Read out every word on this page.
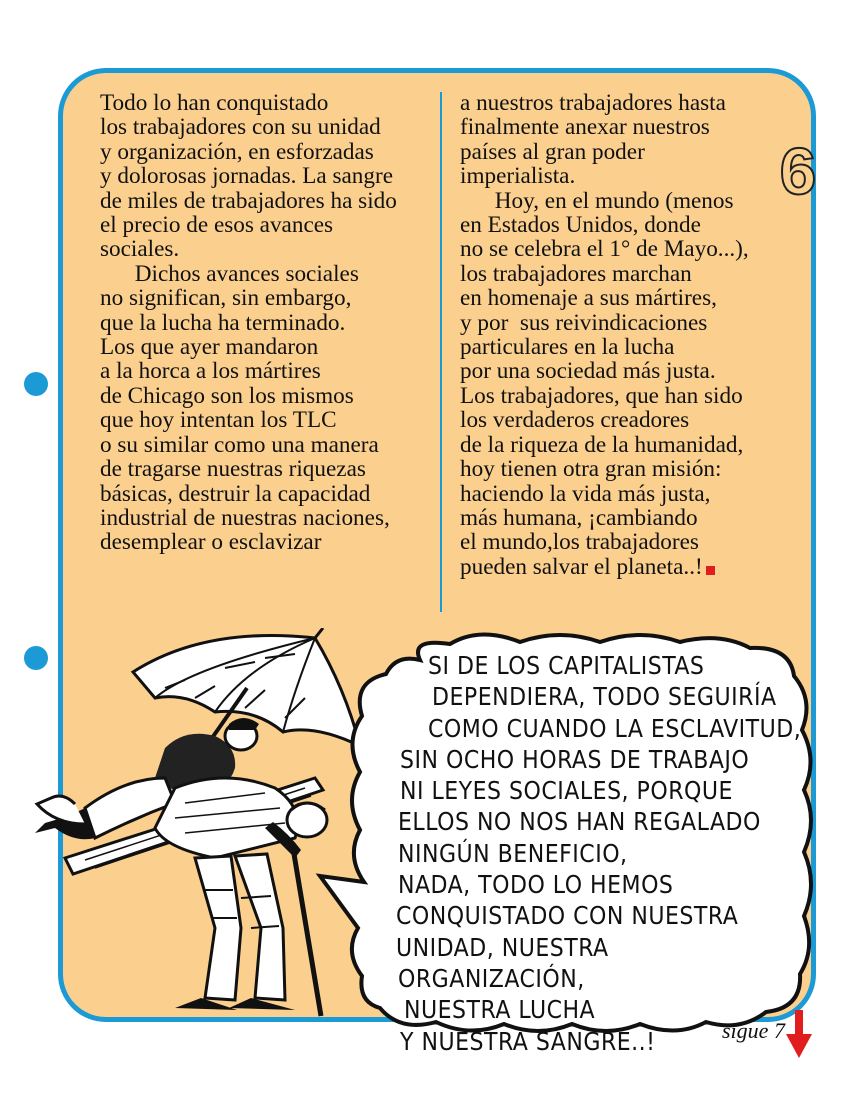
6
Todo lo han conquistado
los trabajadores con su unidad
y organización, en esforzadas
y dolorosas jornadas. La sangre
de miles de trabajadores ha sido
el precio de esos avances
sociales.
Dichos avances sociales
no significan, sin embargo,
que la lucha ha terminado.
Los que ayer mandaron
a la horca a los mártires
de Chicago son los mismos
que hoy intentan los TLC
o su similar como una manera
de tragarse nuestras riquezas
básicas, destruir la capacidad
industrial de nuestras naciones,
desemplear o esclavizar
a nuestros trabajadores hasta
finalmente anexar nuestros
países al gran poder
imperialista.
Hoy, en el mundo (menos
en Estados Unidos, donde
no se celebra el 1° de Mayo...),
los trabajadores marchan
en homenaje a sus mártires,
y por  sus reivindicaciones
particulares en la lucha
por una sociedad más justa.
Los trabajadores, que han sido
los verdaderos creadores
de la riqueza de la humanidad,
hoy tienen otra gran misión:
haciendo la vida más justa,
más humana, ¡cambiando
el mundo,los trabajadores
pueden salvar el planeta..!
SI DE LOS CAPITALISTAS
DEPENDIERA, TODO SEGUIRÍA
COMO CUANDO LA ESCLAVITUD,
SIN OCHO HORAS DE TRABAJO
NI LEYES SOCIALES, PORQUE
ELLOS NO NOS HAN REGALADO
NINGÚN BENEFICIO,
NADA, TODO LO HEMOS
CONQUISTADO CON NUESTRA
UNIDAD, NUESTRA
ORGANIZACIÓN,
NUESTRA LUCHA
Y NUESTRA SANGRE..!	sigue 7
